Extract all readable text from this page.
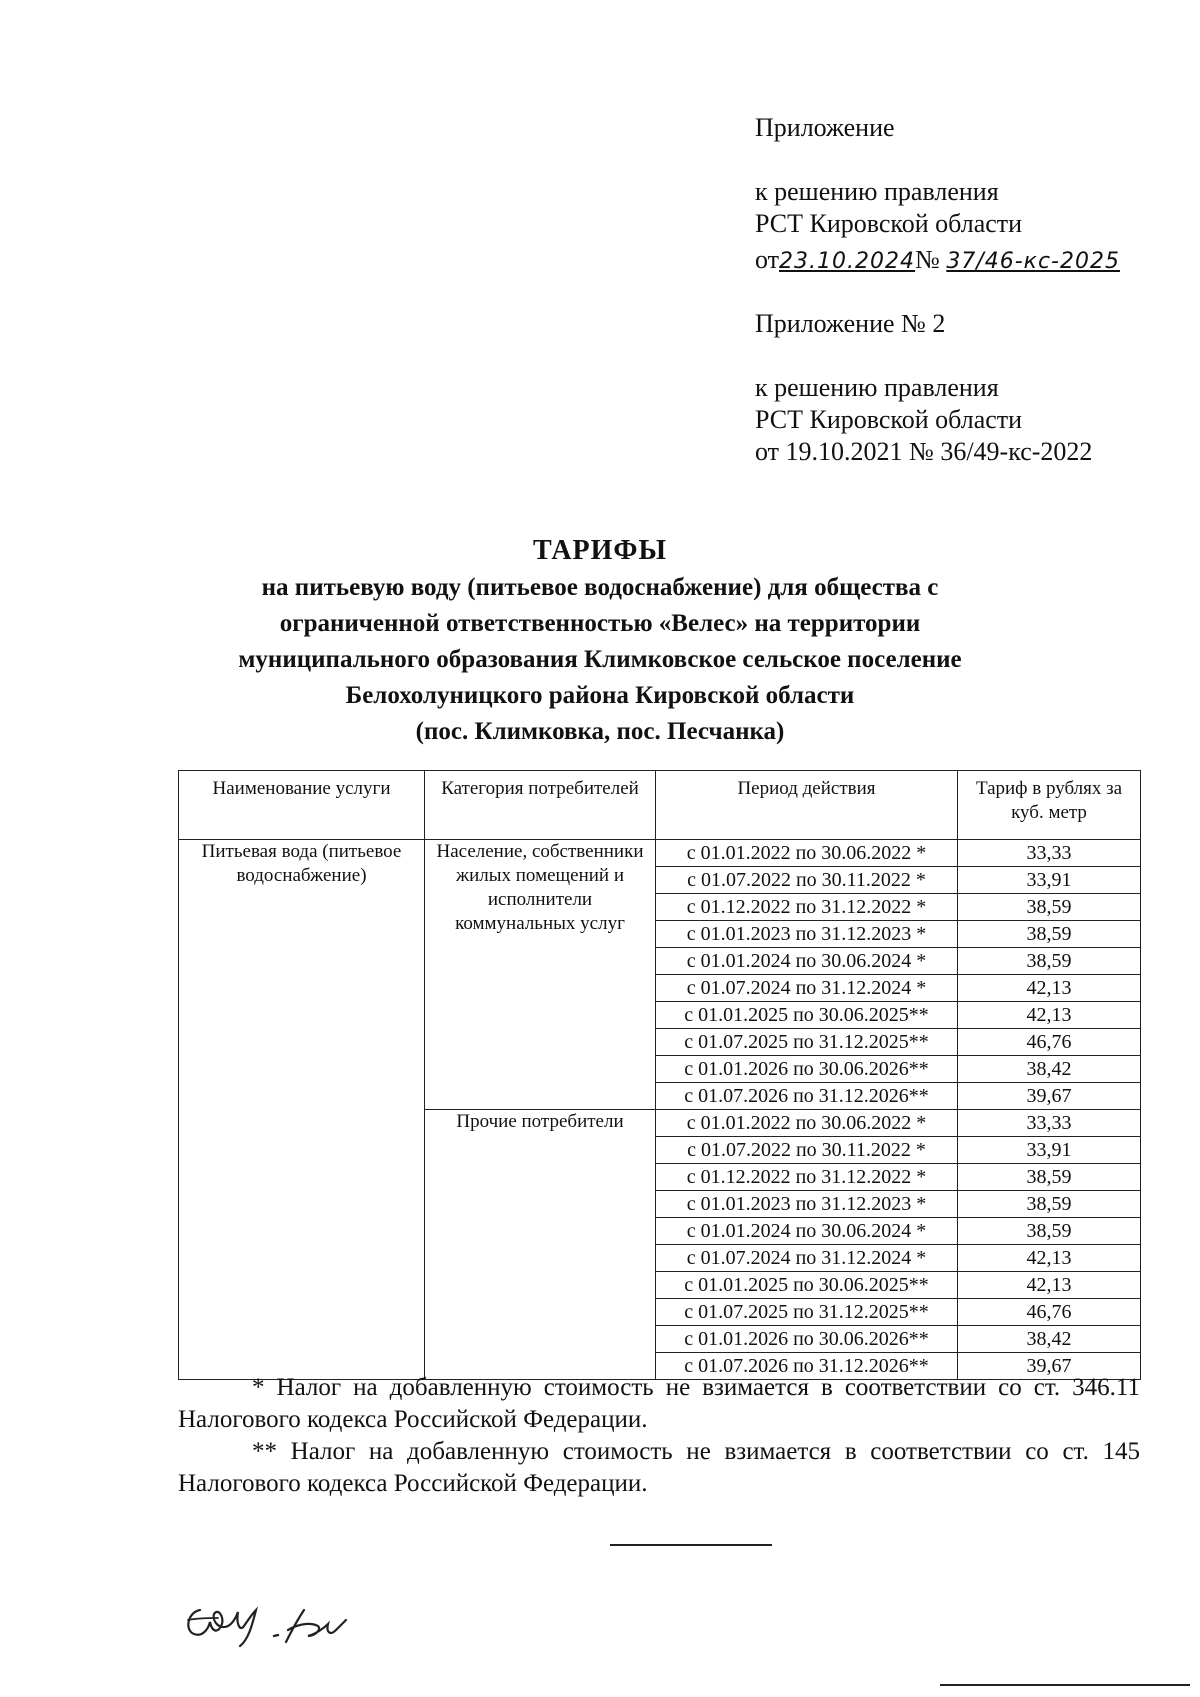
Приложение
к решению правления
РСТ Кировской области
от23.10.2024№ 37/46-кс-2025
Приложение № 2
к решению правления
РСТ Кировской области
от 19.10.2021 № 36/49-кс-2022
ТАРИФЫ
на питьевую воду (питьевое водоснабжение) для общества с
ограниченной ответственностью «Велес» на территории
муниципального образования Климковское сельское поселение
Белохолуницкого района Кировской области
(пос. Климковка, пос. Песчанка)
Наименование услуги	Категория потребителей	Период действия	Тариф в рублях за куб. метр
Питьевая вода (питьевое водоснабжение)	Население, собственники жилых помещений и исполнители коммунальных услуг	с 01.01.2022 по 30.06.2022 *	33,33
		с 01.07.2022 по 30.11.2022 *	33,91
		с 01.12.2022 по 31.12.2022 *	38,59
		с 01.01.2023 по 31.12.2023 *	38,59
		с 01.01.2024 по 30.06.2024 *	38,59
		с 01.07.2024 по 31.12.2024 *	42,13
		с 01.01.2025 по 30.06.2025**	42,13
		с 01.07.2025 по 31.12.2025**	46,76
		с 01.01.2026 по 30.06.2026**	38,42
		с 01.07.2026 по 31.12.2026**	39,67
	Прочие потребители	с 01.01.2022 по 30.06.2022 *	33,33
		с 01.07.2022 по 30.11.2022 *	33,91
		с 01.12.2022 по 31.12.2022 *	38,59
		с 01.01.2023 по 31.12.2023 *	38,59
		с 01.01.2024 по 30.06.2024 *	38,59
		с 01.07.2024 по 31.12.2024 *	42,13
		с 01.01.2025 по 30.06.2025**	42,13
		с 01.07.2025 по 31.12.2025**	46,76
		с 01.01.2026 по 30.06.2026**	38,42
		с 01.07.2026 по 31.12.2026**	39,67

* Налог на добавленную стоимость не взимается в соответствии со ст. 346.11 Налогового кодекса Российской Федерации.

** Налог на добавленную стоимость не взимается в соответствии со ст. 145 Налогового кодекса Российской Федерации.
